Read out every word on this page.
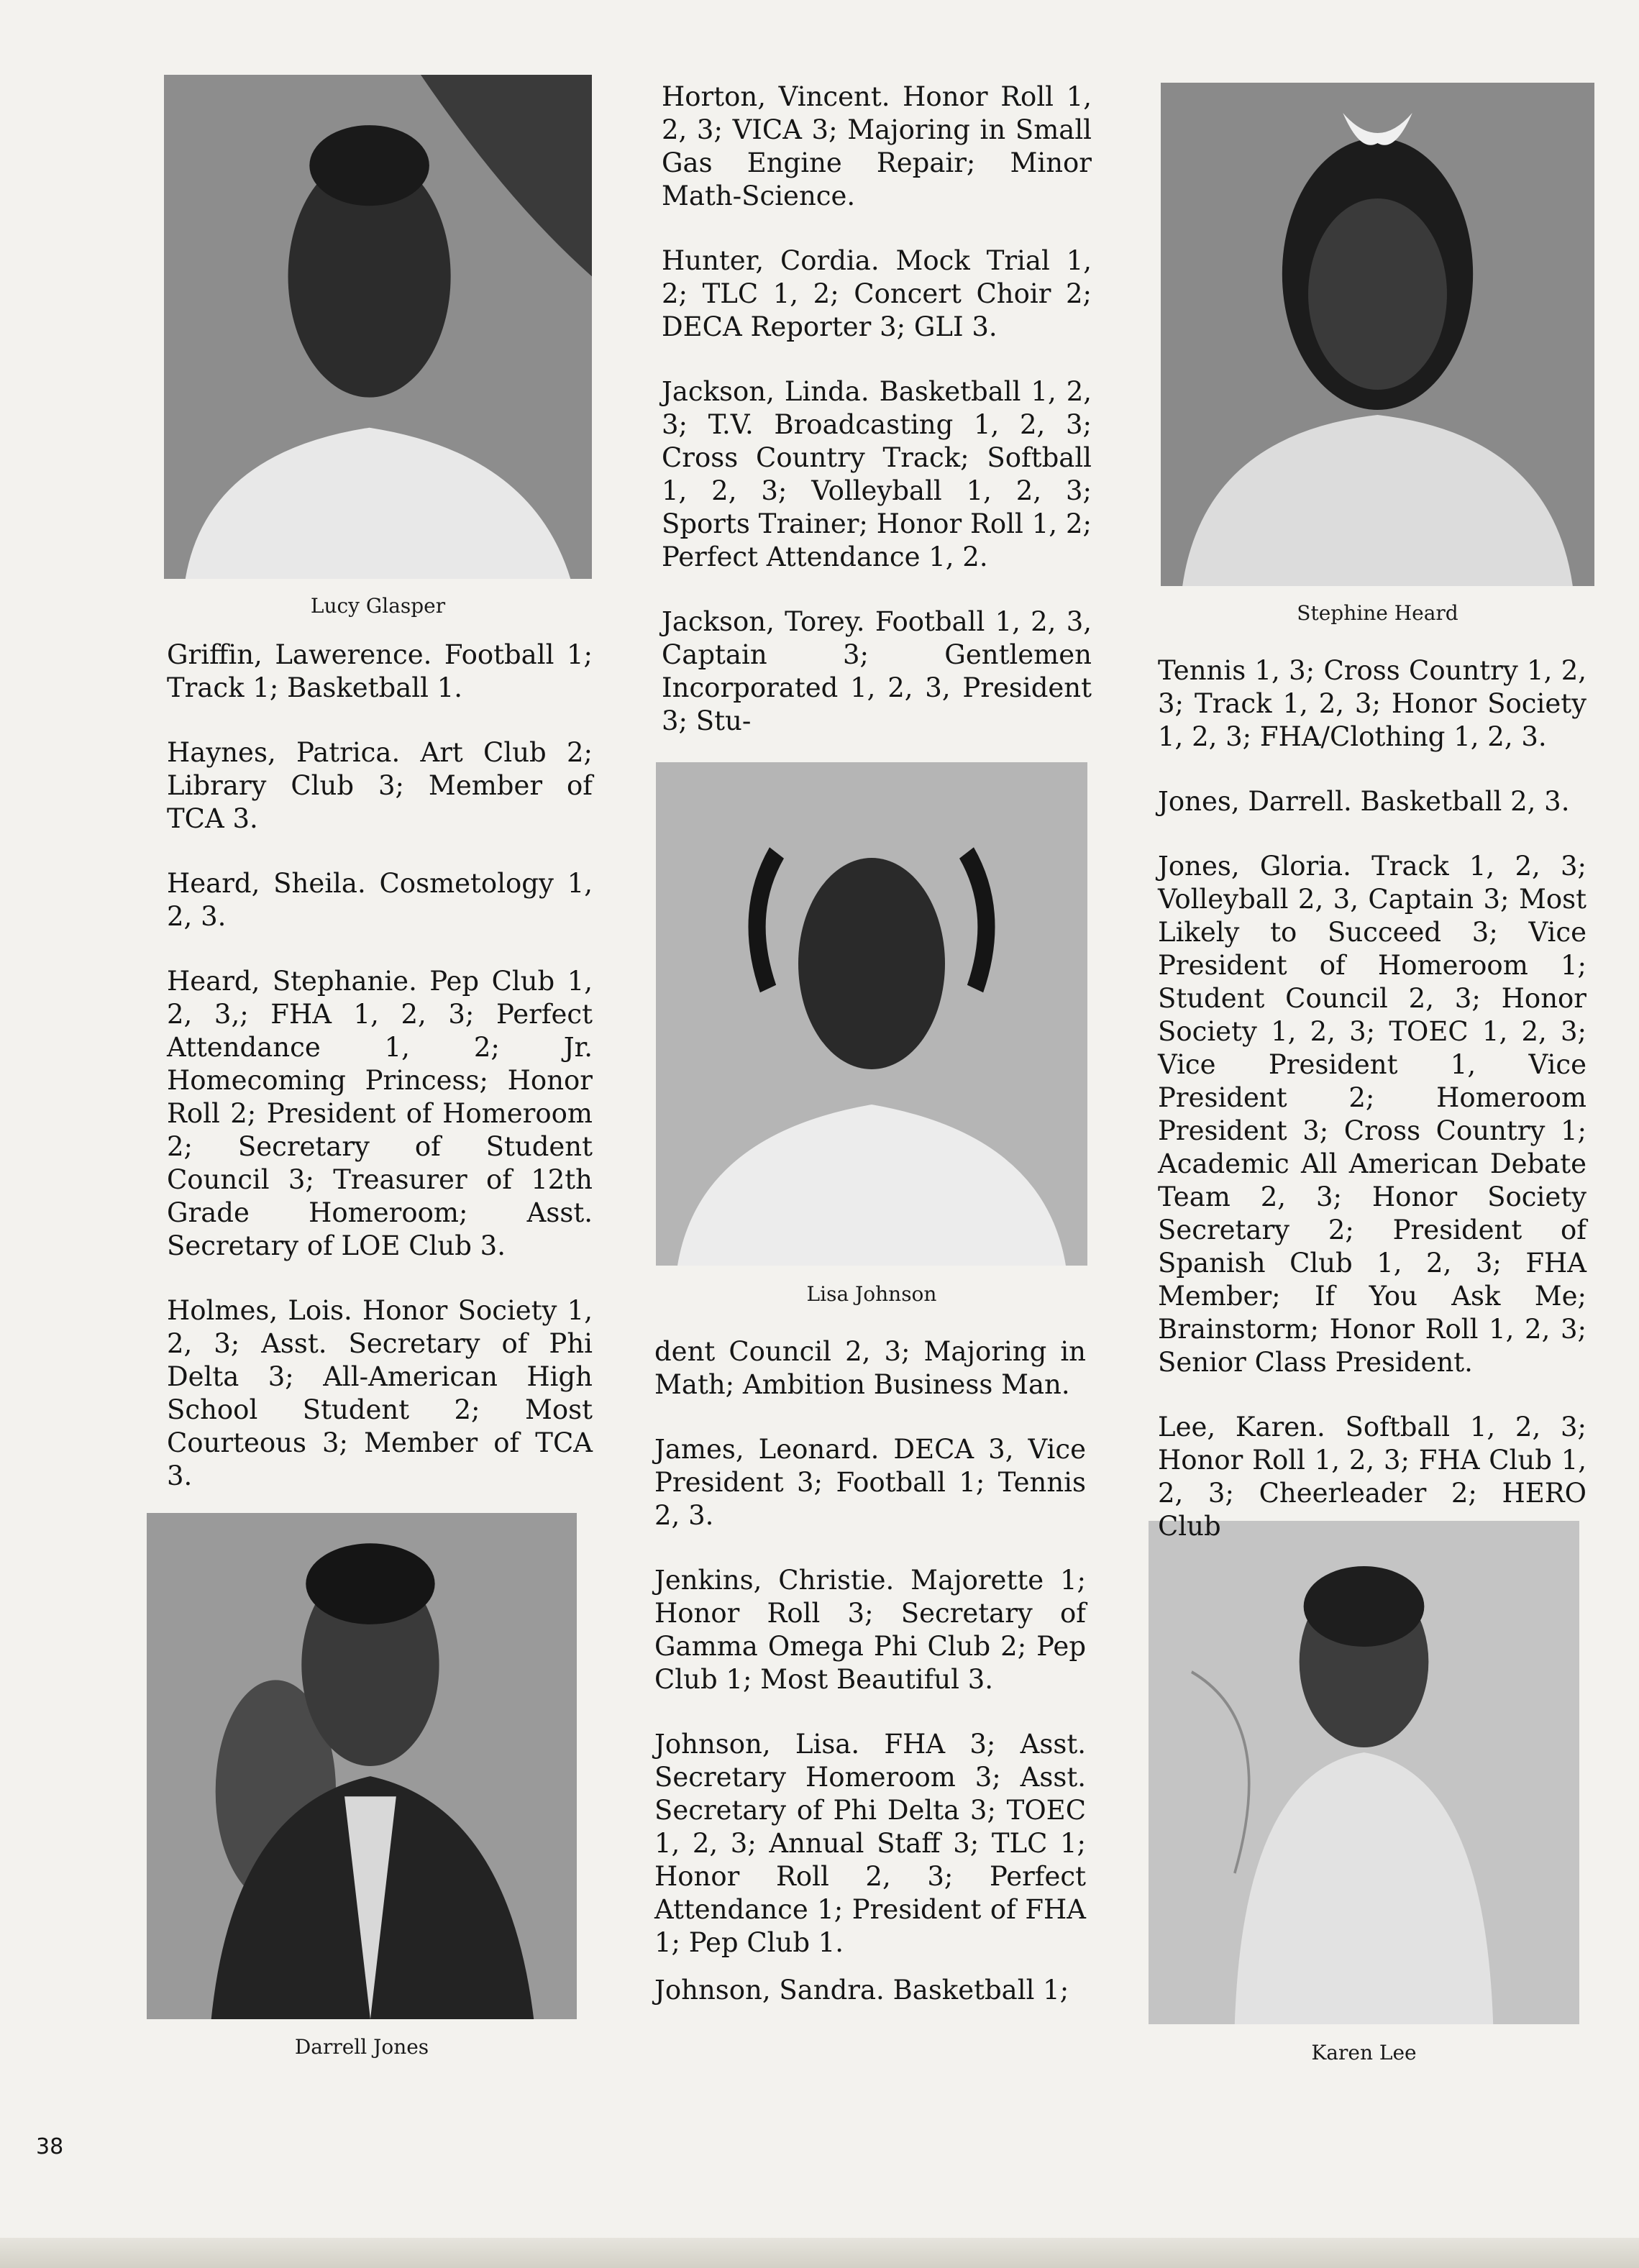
Lucy Glasper
Darrell Jones
Lisa Johnson
Stephine Heard
Karen Lee

Griffin, Lawerence. Football 1; Track 1; Basketball 1.

Haynes, Patrica. Art Club 2; Library Club 3; Member of TCA 3.

Heard, Sheila. Cosmetology 1, 2, 3.

Heard, Stephanie. Pep Club 1, 2, 3,; FHA 1, 2, 3; Perfect Attendance 1, 2; Jr. Homecoming Princess; Honor Roll 2; President of Homeroom 2; Secretary of Student Council 3; Treasurer of 12th Grade Homeroom; Asst. Secretary of LOE Club 3.

Holmes, Lois. Honor Society 1, 2, 3; Asst. Secretary of Phi Delta 3; All-American High School Student 2; Most Courteous 3; Member of TCA 3.

Horton, Vincent. Honor Roll 1, 2, 3; VICA 3; Majoring in Small Gas Engine Repair; Minor Math-Science.

Hunter, Cordia. Mock Trial 1, 2; TLC 1, 2; Concert Choir 2; DECA Reporter 3; GLI 3.

Jackson, Linda. Basketball 1, 2, 3; T.V. Broadcasting 1, 2, 3; Cross Country Track; Softball 1, 2, 3; Volleyball 1, 2, 3; Sports Trainer; Honor Roll 1, 2; Perfect Attendance 1, 2.

Jackson, Torey. Football 1, 2, 3, Captain 3; Gentlemen Incorporated 1, 2, 3, President 3; Stu-

dent Council 2, 3; Majoring in Math; Ambition Business Man.

James, Leonard. DECA 3, Vice President 3; Football 1; Tennis 2, 3.

Jenkins, Christie. Majorette 1; Honor Roll 3; Secretary of Gamma Omega Phi Club 2; Pep Club 1; Most Beautiful 3.

Johnson, Lisa. FHA 3; Asst. Secretary Homeroom 3; Asst. Secretary of Phi Delta 3; TOEC 1, 2, 3; Annual Staff 3; TLC 1; Honor Roll 2, 3; Perfect Attendance 1; President of FHA 1; Pep Club 1.

Johnson, Sandra. Basketball 1;

Tennis 1, 3; Cross Country 1, 2, 3; Track 1, 2, 3; Honor Society 1, 2, 3; FHA/Clothing 1, 2, 3.

Jones, Darrell. Basketball 2, 3.

Jones, Gloria. Track 1, 2, 3; Volleyball 2, 3, Captain 3; Most Likely to Succeed 3; Vice President of Homeroom 1; Student Council 2, 3; Honor Society 1, 2, 3; TOEC 1, 2, 3; Vice President 1, Vice President 2; Homeroom President 3; Cross Country 1; Academic All American Debate Team 2, 3; Honor Society Secretary 2; President of Spanish Club 1, 2, 3; FHA Member; If You Ask Me; Brainstorm; Honor Roll 1, 2, 3; Senior Class President.

Lee, Karen. Softball 1, 2, 3; Honor Roll 1, 2, 3; FHA Club 1, 2, 3; Cheerleader 2; HERO Club

38
